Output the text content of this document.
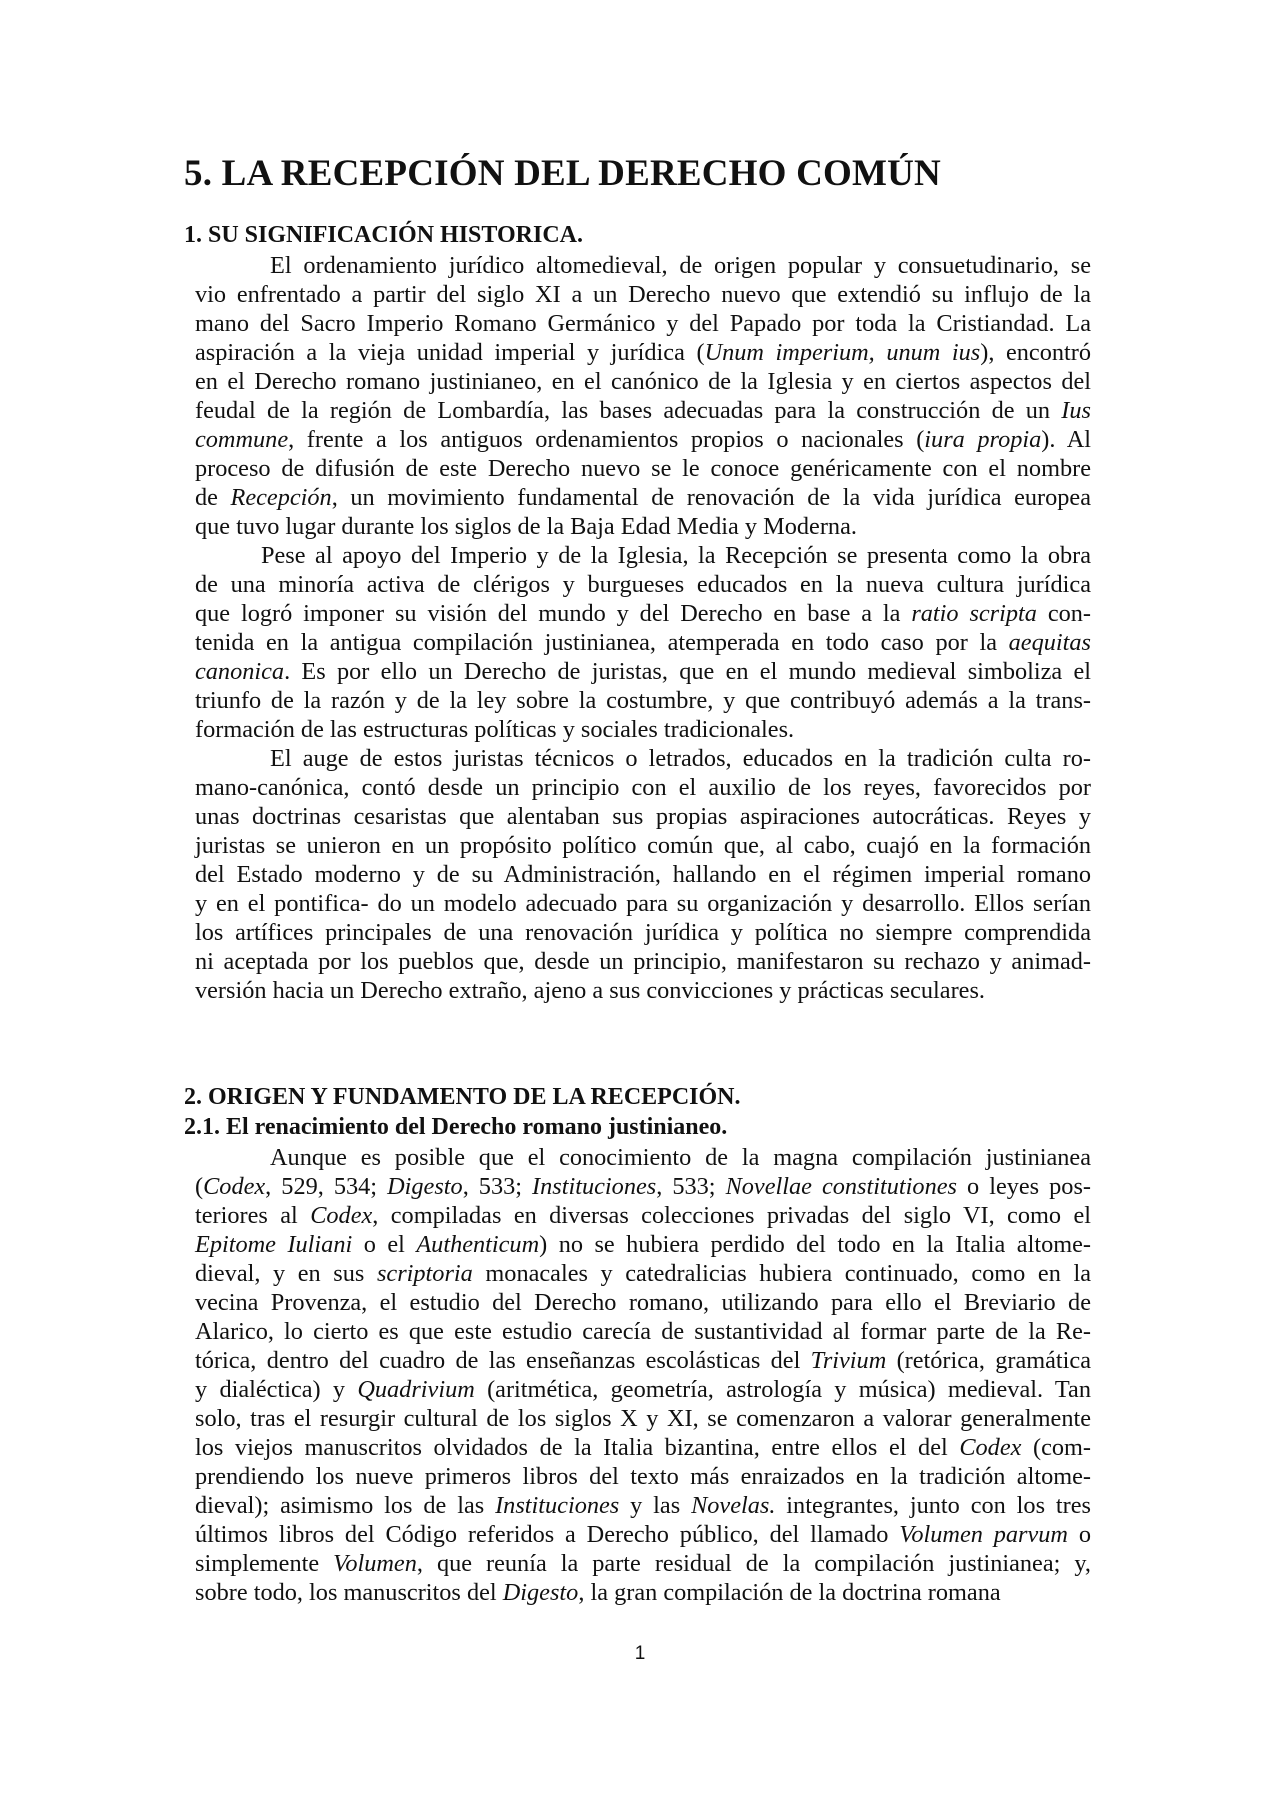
5. LA RECEPCIÓN DEL DERECHO COMÚN
1. SU SIGNIFICACIÓN HISTORICA.
2. ORIGEN Y FUNDAMENTO DE LA RECEPCIÓN.
2.1. El renacimiento del Derecho romano justinianeo.
El ordenamiento jurídico altomedieval, de origen popular y consuetudinario, se
vio enfrentado a partir del siglo XI a un Derecho nuevo que extendió su influjo de la
mano del Sacro Imperio Romano Germánico y del Papado por toda la Cristiandad. La
aspiración a la vieja unidad imperial y jurídica (Unum imperium, unum ius), encontró
en el Derecho romano justinianeo, en el canónico de la Iglesia y en ciertos aspectos del
feudal de la región de Lombardía, las bases adecuadas para la construcción de un Ius
commune, frente a los antiguos ordenamientos propios o nacionales (iura propia). Al
proceso de difusión de este Derecho nuevo se le conoce genéricamente con el nombre
de Recepción, un movimiento fundamental de renovación de la vida jurídica europea
que tuvo lugar durante los siglos de la Baja Edad Media y Moderna.
Pese al apoyo del Imperio y de la Iglesia, la Recepción se presenta como la obra
de una minoría activa de clérigos y burgueses educados en la nueva cultura jurídica
que logró imponer su visión del mundo y del Derecho en base a la ratio scripta con-
tenida en la antigua compilación justinianea, atemperada en todo caso por la aequitas
canonica. Es por ello un Derecho de juristas, que en el mundo medieval simboliza el
triunfo de la razón y de la ley sobre la costumbre, y que contribuyó además a la trans-
formación de las estructuras políticas y sociales tradicionales.
El auge de estos juristas técnicos o letrados, educados en la tradición culta ro-
mano-canónica, contó desde un principio con el auxilio de los reyes, favorecidos por
unas doctrinas cesaristas que alentaban sus propias aspiraciones autocráticas. Reyes y
juristas se unieron en un propósito político común que, al cabo, cuajó en la formación
del Estado moderno y de su Administración, hallando en el régimen imperial romano
y en el pontifica- do un modelo adecuado para su organización y desarrollo. Ellos serían
los artífices principales de una renovación jurídica y política no siempre comprendida
ni aceptada por los pueblos que, desde un principio, manifestaron su rechazo y animad-
versión hacia un Derecho extraño, ajeno a sus convicciones y prácticas seculares.
Aunque es posible que el conocimiento de la magna compilación justinianea
(Codex, 529, 534; Digesto, 533; Instituciones, 533; Novellae constitutiones o leyes pos-
teriores al Codex, compiladas en diversas colecciones privadas del siglo VI, como el
Epitome Iuliani o el Authenticum) no se hubiera perdido del todo en la Italia altome-
dieval, y en sus scriptoria monacales y catedralicias hubiera continuado, como en la
vecina Provenza, el estudio del Derecho romano, utilizando para ello el Breviario de
Alarico, lo cierto es que este estudio carecía de sustantividad al formar parte de la Re-
tórica, dentro del cuadro de las enseñanzas escolásticas del Trivium (retórica, gramática
y dialéctica) y Quadrivium (aritmética, geometría, astrología y música) medieval. Tan
solo, tras el resurgir cultural de los siglos X y XI, se comenzaron a valorar generalmente
los viejos manuscritos olvidados de la Italia bizantina, entre ellos el del Codex (com-
prendiendo los nueve primeros libros del texto más enraizados en la tradición altome-
dieval); asimismo los de las Instituciones y las Novelas. integrantes, junto con los tres
últimos libros del Código referidos a Derecho público, del llamado Volumen parvum o
simplemente Volumen, que reunía la parte residual de la compilación justinianea; y,
sobre todo, los manuscritos del Digesto, la gran compilación de la doctrina romana
1
